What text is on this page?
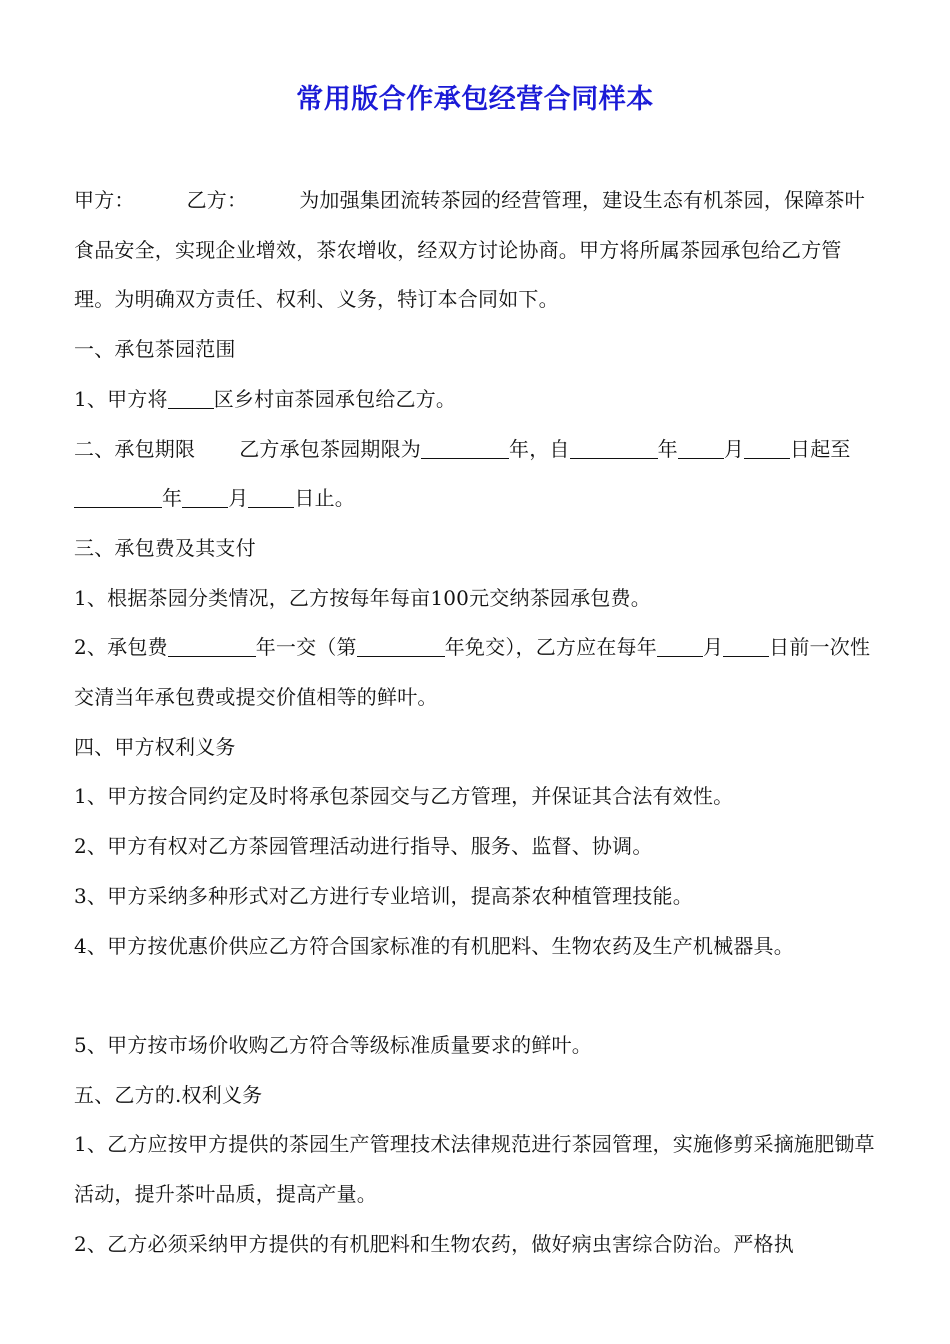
常用版合作承包经营合同样本

甲方：	乙方：	为加强集团流转茶园的经营管理，建设生态有机茶园，保障茶叶食品安全，实现企业增效，茶农增收，经双方讨论协商。甲方将所属茶园承包给乙方管理。为明确双方责任、权利、义务，特订本合同如下。

一、承包茶园范围

1、甲方将 区乡村亩茶园承包给乙方。

二、承包期限 乙方承包茶园期限为	年，自	年 月 日起至年 月 日止。

三、承包费及其支付

1、根据茶园分类情况，乙方按每年每亩100元交纳茶园承包费。

2、承包费	年一交（第	年免交），乙方应在每年 月 日前一次性交清当年承包费或提交价值相等的鲜叶。

四、甲方权利义务

1、甲方按合同约定及时将承包茶园交与乙方管理，并保证其合法有效性。

2、甲方有权对乙方茶园管理活动进行指导、服务、监督、协调。

3、甲方采纳多种形式对乙方进行专业培训，提高茶农种植管理技能。

4、甲方按优惠价供应乙方符合国家标准的有机肥料、生物农药及生产机械器具。

5、甲方按市场价收购乙方符合等级标准质量要求的鲜叶。

五、乙方的.权利义务

1、乙方应按甲方提供的茶园生产管理技术法律规范进行茶园管理，实施修剪采摘施肥锄草活动，提升茶叶品质，提高产量。

2、乙方必须采纳甲方提供的有机肥料和生物农药，做好病虫害综合防治。严格执
